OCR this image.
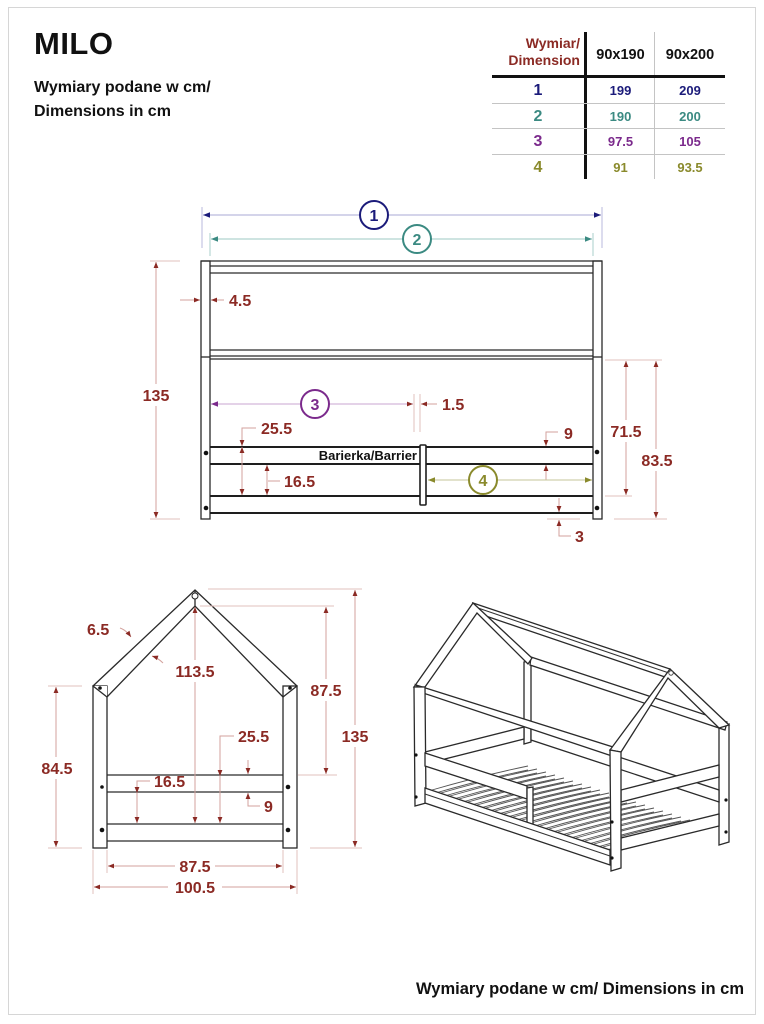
MILO
Wymiary podane w cm/
Dimensions in cm
Wymiar/
Dimension	90x190	90x200
1	199	209
2	190	200
3	97.5	105
4	91	93.5
1
2
Barierka/Barrier
135
4.5
3	1.5
25.5
16.5
9
4
3
71.5
83.5
6.5
113.5
87.5
135
84.5
25.5
16.5
9
87.5
100.5
Wymiary podane w cm/ Dimensions in cm
